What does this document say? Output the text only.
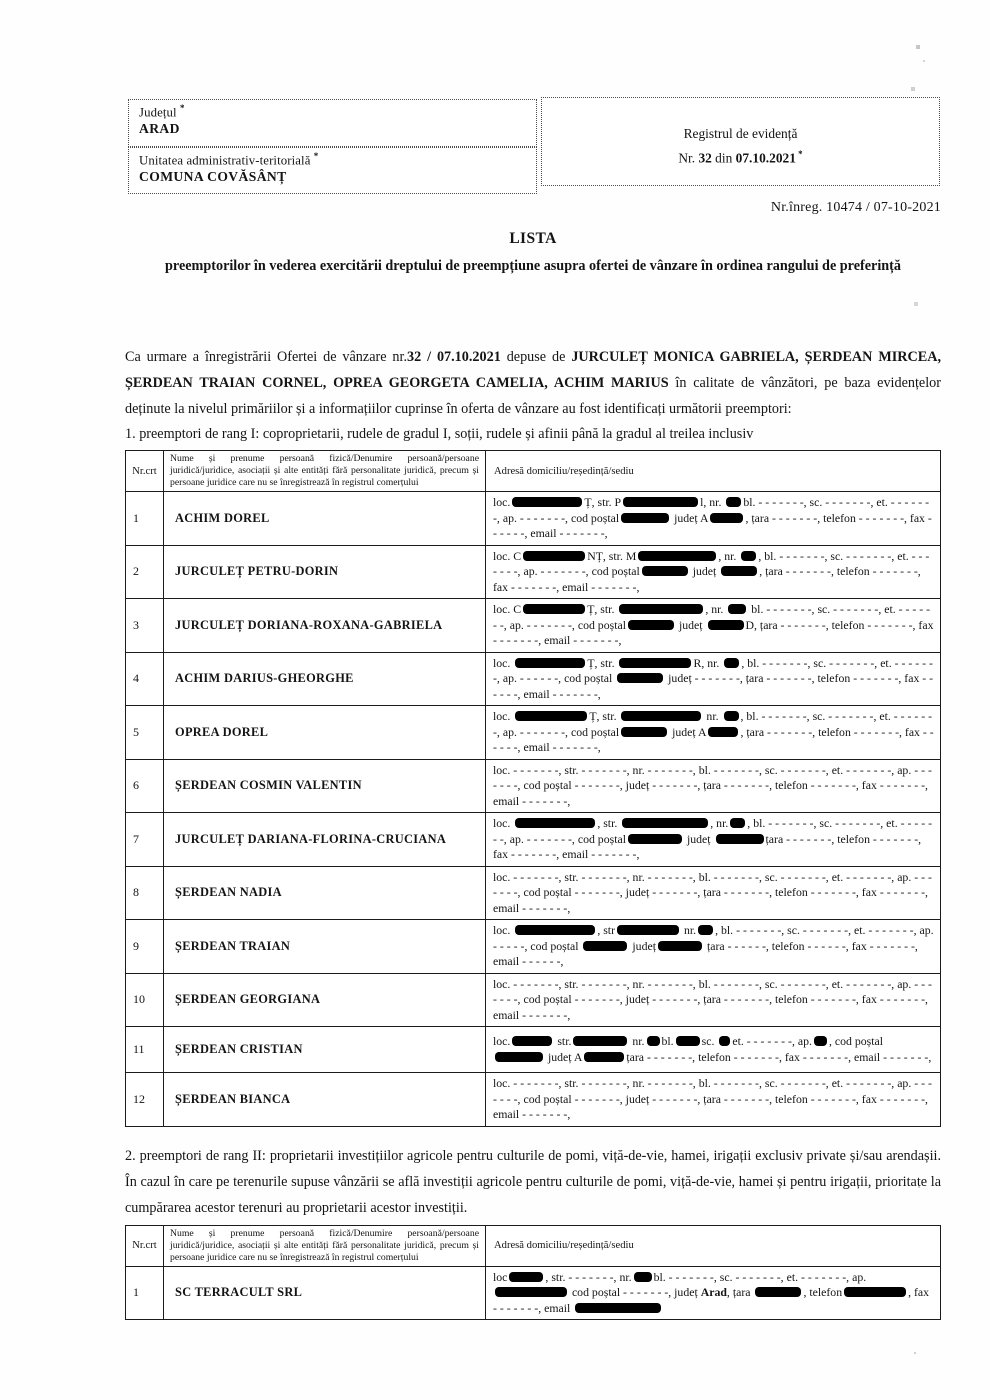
Județul *
ARAD
Unitatea administrativ-teritorială *
COMUNA COVĂSÂNȚ
Registrul de evidență
Nr. 32 din 07.10.2021 *
Nr.înreg. 10474 / 07-10-2021
LISTA
preemptorilor în vederea exercitării dreptului de preempțiune asupra ofertei de vânzare în ordinea rangului de preferință

Ca urmare a înregistrării Ofertei de vânzare nr.32 / 07.10.2021 depuse de JURCULEȚ MONICA GABRIELA, ȘERDEAN MIRCEA, ȘERDEAN TRAIAN CORNEL, OPREA GEORGETA CAMELIA, ACHIM MARIUS în calitate de vânzători, pe baza evidențelor deținute la nivelul primăriilor și a informațiilor cuprinse în oferta de vânzare au fost identificați următorii preemptori:

1. preemptori de rang I: coproprietarii, rudele de gradul I, soții, rudele și afinii până la gradul al treilea inclusiv

Nr.crt	Nume și prenume persoană fizică/Denumire persoană/persoane juridică/juridice, asociații și alte entități fără personalitate juridică, precum și persoane juridice care nu se înregistrează în registrul comerțului	Adresă domiciliu/reședință/sediu
1	ACHIM DOREL	loc. Ț, str. P l, nr. bl. - - - - - - -, sc. - - - - - - -, et. - - - - - - -, ap. - - - - - - -, cod poștal județ A , țara - - - - - - -, telefon - - - - - - -, fax - - - - - -, email - - - - - - -,
2	JURCULEȚ PETRU-DORIN	loc. C NȚ, str. M , nr. , bl. - - - - - - -, sc. - - - - - - -, et. - - - - - - -, ap. - - - - - - -, cod poștal județ , țara - - - - - - -, telefon - - - - - - -, fax - - - - - - -, email - - - - - - -,
3	JURCULEȚ DORIANA-ROXANA-GABRIELA	loc. C Ț, str. , nr.  bl. - - - - - - -, sc. - - - - - - -, et. - - - - - - -, ap. - - - - - - -, cod poștal județ D, țara - - - - - - -, telefon - - - - - - -, fax - - - - - - -, email - - - - - - -,
4	ACHIM DARIUS-GHEORGHE	loc. Ț, str. R, nr. , bl. - - - - - - -, sc. - - - - - - -, et. - - - - - - -, ap. - - - - - -, cod poștal județ - - - - - - -, țara - - - - - - -, telefon - - - - - - -, fax - - - - - -, email - - - - - - -,
5	OPREA DOREL	loc. Ț, str. nr. , bl. - - - - - - -, sc. - - - - - - -, et. - - - - - - -, ap. - - - - - - -, cod poștal județ A , țara - - - - - - -, telefon - - - - - - -, fax - - - - - -, email - - - - - - -,
6	ȘERDEAN COSMIN VALENTIN	loc. - - - - - - -, str. - - - - - - -, nr. - - - - - - -, bl. - - - - - - -, sc. - - - - - - -, et. - - - - - - -, ap. - - - - - - -, cod poștal - - - - - - -, județ - - - - - - -, țara - - - - - - -, telefon - - - - - - -, fax - - - - - - -, email - - - - - - -,
7	JURCULEȚ DARIANA-FLORINA-CRUCIANA	loc. , str. , nr. , bl. - - - - - - -, sc. - - - - - - -, et. - - - - - - -, ap. - - - - - - -, cod poștal județ țara - - - - - - -, telefon - - - - - - -, fax - - - - - - -, email - - - - - - -,
8	ȘERDEAN NADIA	loc. - - - - - - -, str. - - - - - - -, nr. - - - - - - -, bl. - - - - - - -, sc. - - - - - - -, et. - - - - - - -, ap. - - - - - - -, cod poștal - - - - - - -, județ - - - - - - -, țara - - - - - - -, telefon - - - - - - -, fax - - - - - - -, email - - - - - - -,
9	ȘERDEAN TRAIAN	loc. , str nr. , bl. - - - - - - -, sc. - - - - - - -, et. - - - - - - -, ap. - - - - -, cod poștal județ țara - - - - - -, telefon - - - - - -, fax - - - - - - -, email - - - - - -,
10	ȘERDEAN GEORGIANA	loc. - - - - - - -, str. - - - - - - -, nr. - - - - - - -, bl. - - - - - - -, sc. - - - - - - -, et. - - - - - - -, ap. - - - - - - -, cod poștal - - - - - - -, județ - - - - - - -, țara - - - - - - -, telefon - - - - - - -, fax - - - - - - -, email - - - - - - -,
11	ȘERDEAN CRISTIAN	loc. str. nr. bl. sc. et. - - - - - - -, ap. , cod poștal  județ A țara - - - - - - -, telefon - - - - - - -, fax - - - - - - -, email - - - - - - -,
12	ȘERDEAN BIANCA	loc. - - - - - - -, str. - - - - - - -, nr. - - - - - - -, bl. - - - - - - -, sc. - - - - - - -, et. - - - - - - -, ap. - - - - - - -, cod poștal - - - - - - -, județ - - - - - - -, țara - - - - - - -, telefon - - - - - - -, fax - - - - - - -, email - - - - - - -,

2. preemptori de rang II: proprietarii investițiilor agricole pentru culturile de pomi, viță-de-vie, hamei, irigații exclusiv private și/sau arendașii. În cazul în care pe terenurile supuse vânzării se află investiții agricole pentru culturile de pomi, viță-de-vie, hamei și pentru irigații, prioritate la cumpărarea acestor terenuri au proprietarii acestor investiții.

Nr.crt	Nume și prenume persoană fizică/Denumire persoană/persoane juridică/juridice, asociații și alte entități fără personalitate juridică, precum și persoane juridice care nu se înregistrează în registrul comerțului	Adresă domiciliu/reședință/sediu
1	SC TERRACULT SRL	loc , str. - - - - - - -, nr. bl. - - - - - - -, sc. - - - - - - -, et. - - - - - - -, ap.  cod poștal - - - - - - -, județ Arad, țara , telefon , fax - - - - - - -, email
